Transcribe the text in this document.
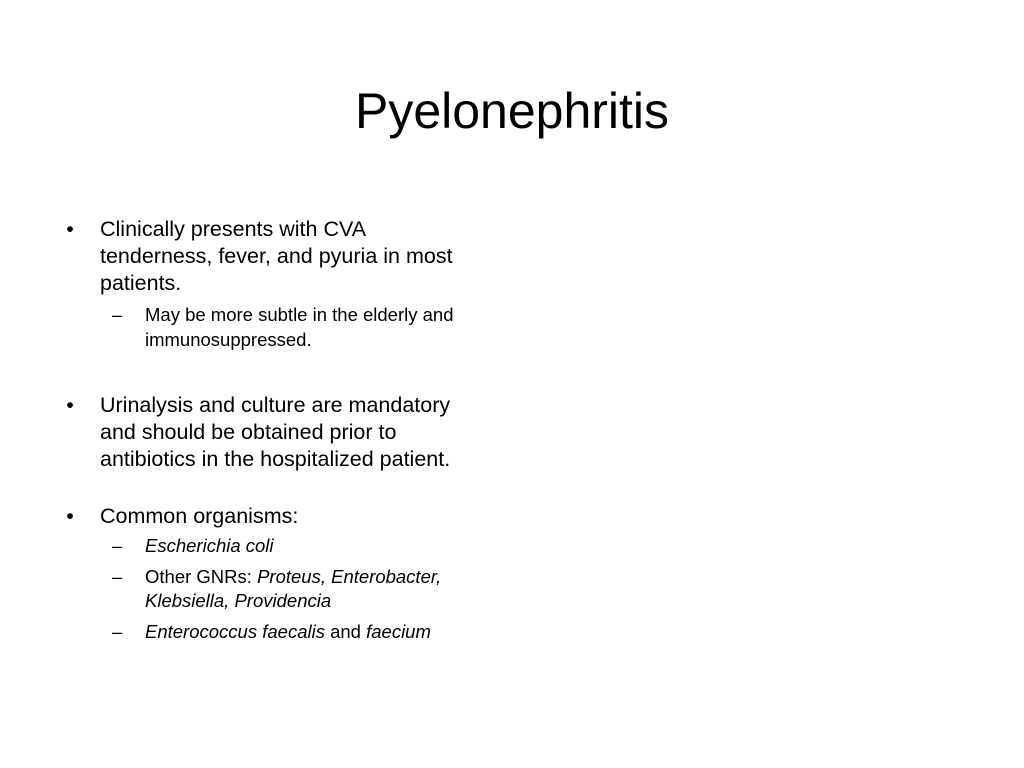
Pyelonephritis
• Clinically presents with CVA tenderness, fever, and pyuria in most patients.
– May be more subtle in the elderly and immunosuppressed.
• Urinalysis and culture are mandatory and should be obtained prior to antibiotics in the hospitalized patient.
• Common organisms:
– Escherichia coli
– Other GNRs: Proteus, Enterobacter, Klebsiella, Providencia
– Enterococcus faecalis and faecium
